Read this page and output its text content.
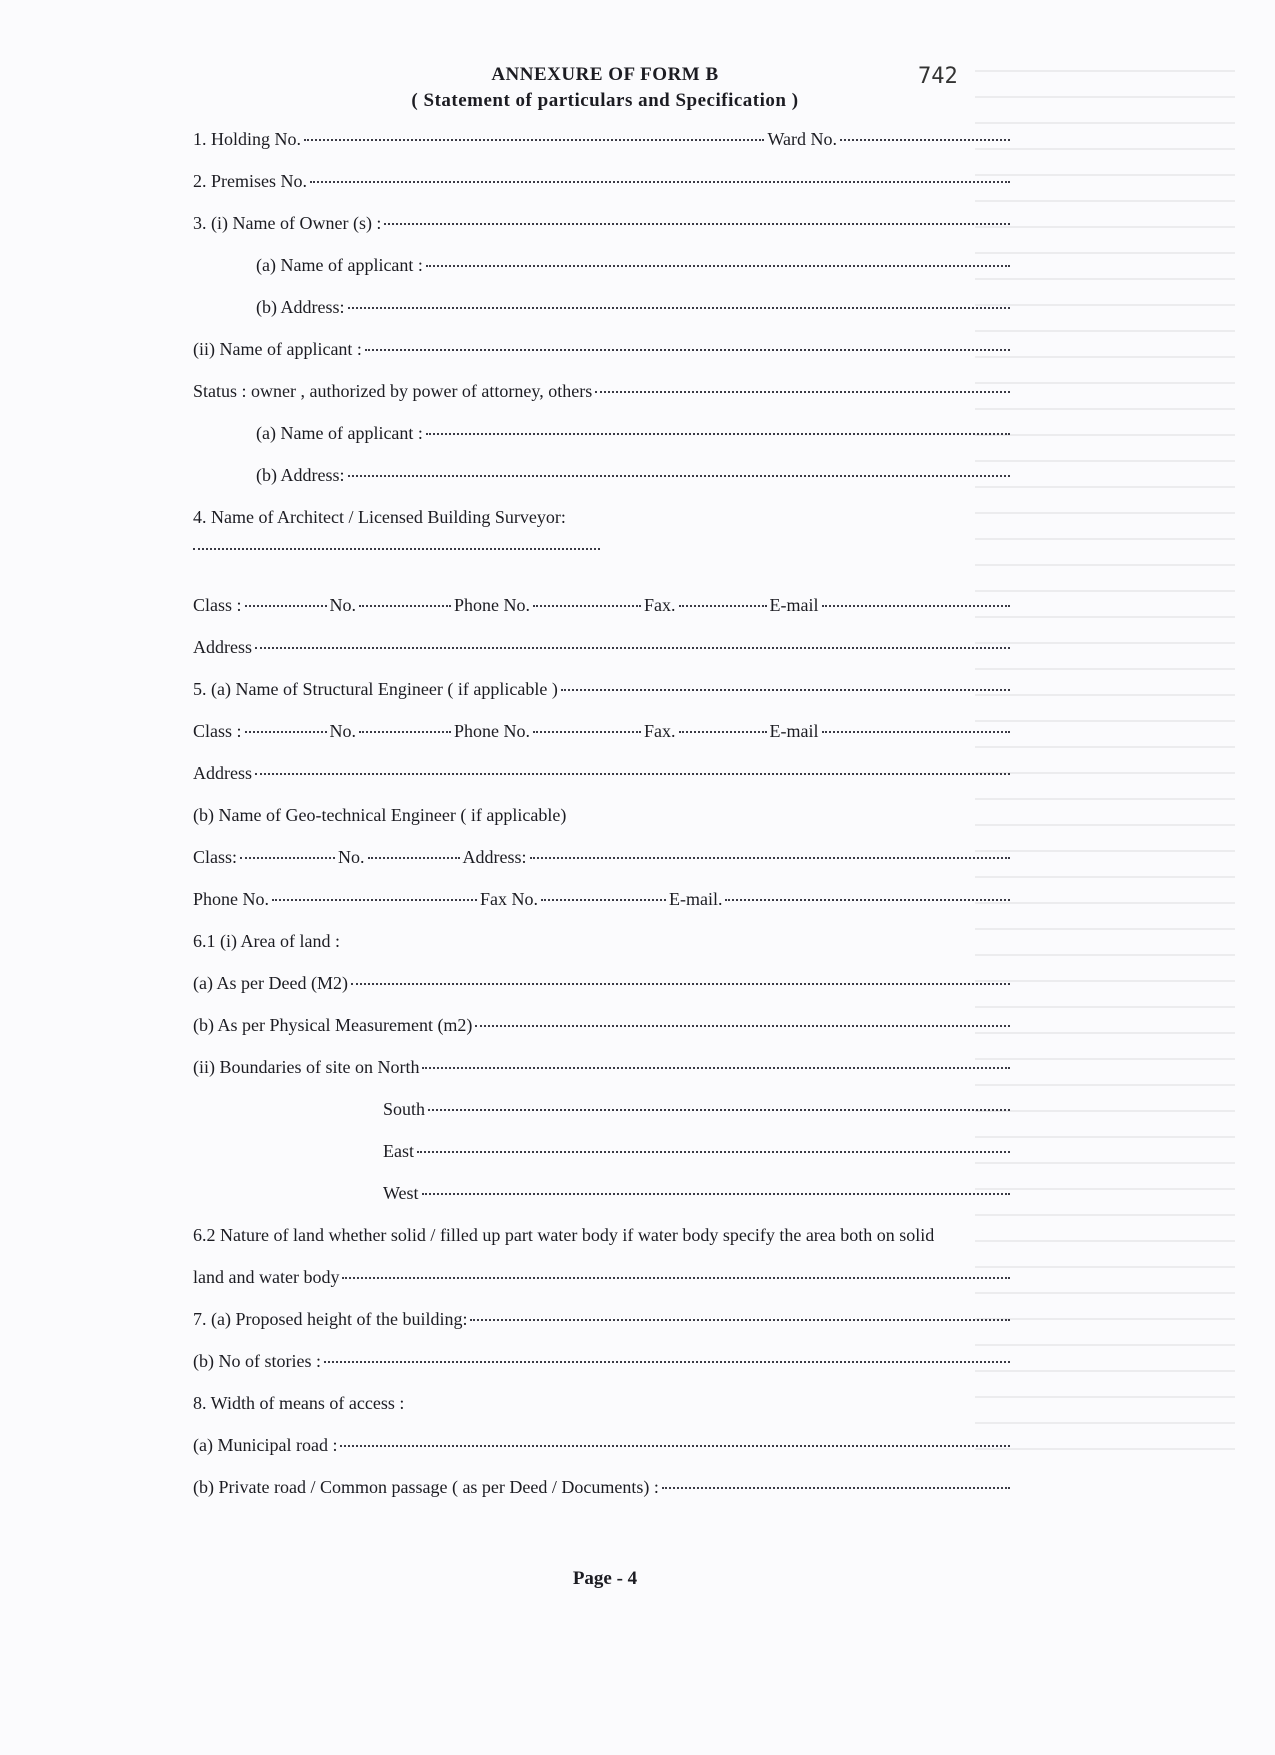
ANNEXURE OF FORM B
( Statement of particulars and Specification )
742
1. Holding No.	Ward No.
2. Premises No.
3. (i) Name of Owner (s) :
(a) Name of applicant :
(b) Address:
(ii) Name of applicant :
Status : owner , authorized by power of attorney, others
(a) Name of applicant :
(b) Address:
4. Name of Architect / Licensed Building Surveyor:
Class :	No.	Phone No.	Fax.	E-mail
Address
5. (a) Name of Structural Engineer ( if applicable )
Class :	No.	Phone No.	Fax.	E-mail
Address
(b) Name of Geo-technical Engineer ( if applicable)
Class:	No.	Address:
Phone No.	Fax No.	E-mail.
6.1 (i) Area of land :
(a) As per Deed (M2)
(b) As per Physical Measurement (m2)
(ii) Boundaries of site on North
South
East
West
6.2 Nature of land whether solid / filled up part water body if water body specify the area both on solid
land and water body
7. (a) Proposed height of the building:
(b) No of stories :
8. Width of means of access :
(a) Municipal road :
(b) Private road / Common passage ( as per Deed / Documents) :
Page - 4
